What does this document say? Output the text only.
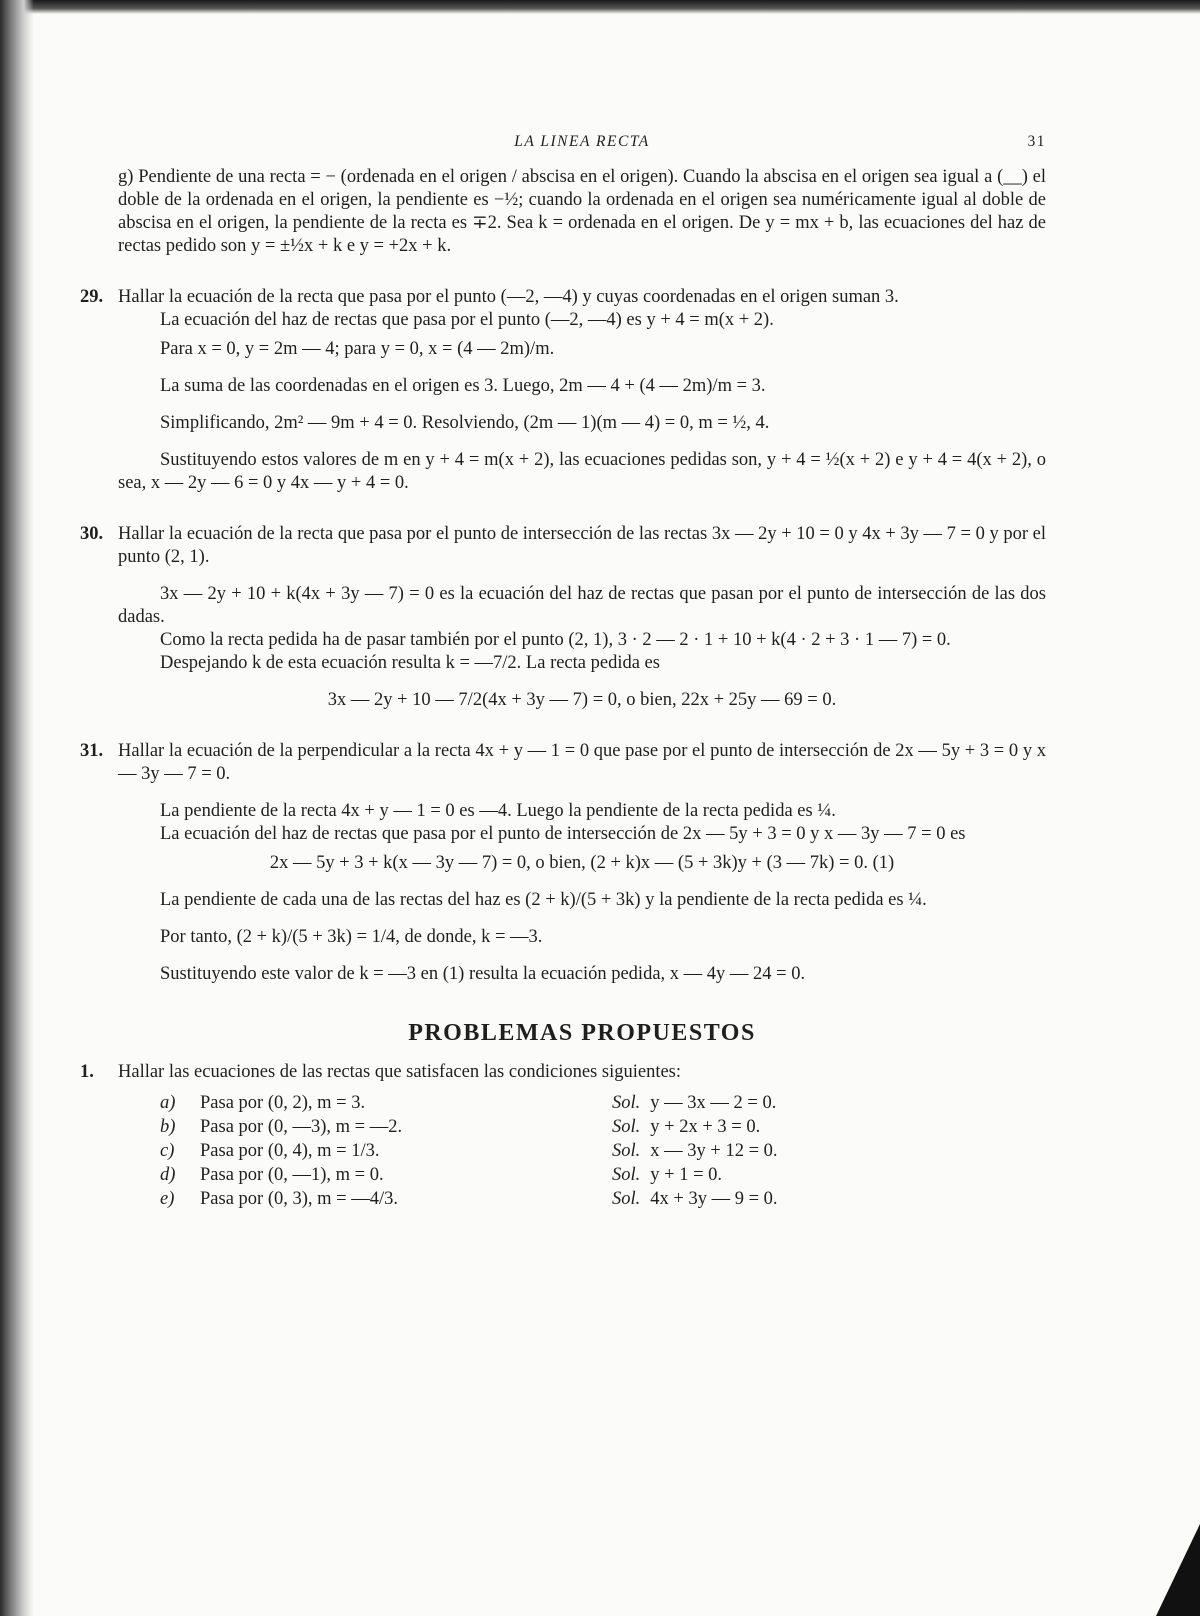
LA LINEA RECTA	31

g) Pendiente de una recta = − (ordenada en el origen / abscisa en el origen). Cuando la abscisa en el origen sea igual a (__) el doble de la ordenada en el origen, la pendiente es −½; cuando la ordenada en el origen sea numéricamente igual al doble de abscisa en el origen, la pendiente de la recta es ∓2. Sea k = ordenada en el origen. De y = mx + b, las ecuaciones del haz de rectas pedido son y = ±½x + k e y = +2x + k.

29. Hallar la ecuación de la recta que pasa por el punto (—2, —4) y cuyas coordenadas en el origen suman 3.

La ecuación del haz de rectas que pasa por el punto (—2, —4) es y + 4 = m(x + 2).

Para x = 0, y = 2m — 4; para y = 0, x = (4 — 2m)/m.

La suma de las coordenadas en el origen es 3. Luego, 2m — 4 + (4 — 2m)/m = 3.

Simplificando, 2m² — 9m + 4 = 0. Resolviendo, (2m — 1)(m — 4) = 0, m = ½, 4.

Sustituyendo estos valores de m en y + 4 = m(x + 2), las ecuaciones pedidas son, y + 4 = ½(x + 2) e y + 4 = 4(x + 2), o sea, x — 2y — 6 = 0 y 4x — y + 4 = 0.

30. Hallar la ecuación de la recta que pasa por el punto de intersección de las rectas 3x — 2y + 10 = 0 y 4x + 3y — 7 = 0 y por el punto (2, 1).

3x — 2y + 10 + k(4x + 3y — 7) = 0 es la ecuación del haz de rectas que pasan por el punto de intersección de las dos dadas.

Como la recta pedida ha de pasar también por el punto (2, 1), 3 · 2 — 2 · 1 + 10 + k(4 · 2 + 3 · 1 — 7) = 0.

Despejando k de esta ecuación resulta k = —7/2. La recta pedida es

3x — 2y + 10 — 7/2(4x + 3y — 7) = 0, o bien, 22x + 25y — 69 = 0.

31. Hallar la ecuación de la perpendicular a la recta 4x + y — 1 = 0 que pase por el punto de intersección de 2x — 5y + 3 = 0 y x — 3y — 7 = 0.

La pendiente de la recta 4x + y — 1 = 0 es —4. Luego la pendiente de la recta pedida es ¼.

La ecuación del haz de rectas que pasa por el punto de intersección de 2x — 5y + 3 = 0 y x — 3y — 7 = 0 es

2x — 5y + 3 + k(x — 3y — 7) = 0, o bien, (2 + k)x — (5 + 3k)y + (3 — 7k) = 0. (1)

La pendiente de cada una de las rectas del haz es (2 + k)/(5 + 3k) y la pendiente de la recta pedida es ¼.

Por tanto, (2 + k)/(5 + 3k) = 1/4, de donde, k = —3.

Sustituyendo este valor de k = —3 en (1) resulta la ecuación pedida, x — 4y — 24 = 0.

PROBLEMAS PROPUESTOS
1. Hallar las ecuaciones de las rectas que satisfacen las condiciones siguientes:

a)	Pasa por (0, 2), m = 3.	Sol. y — 3x — 2 = 0.
b)	Pasa por (0, —3), m = —2.	Sol. y + 2x + 3 = 0.
c)	Pasa por (0, 4), m = 1/3.	Sol. x — 3y + 12 = 0.
d)	Pasa por (0, —1), m = 0.	Sol. y + 1 = 0.
e)	Pasa por (0, 3), m = —4/3.	Sol. 4x + 3y — 9 = 0.
